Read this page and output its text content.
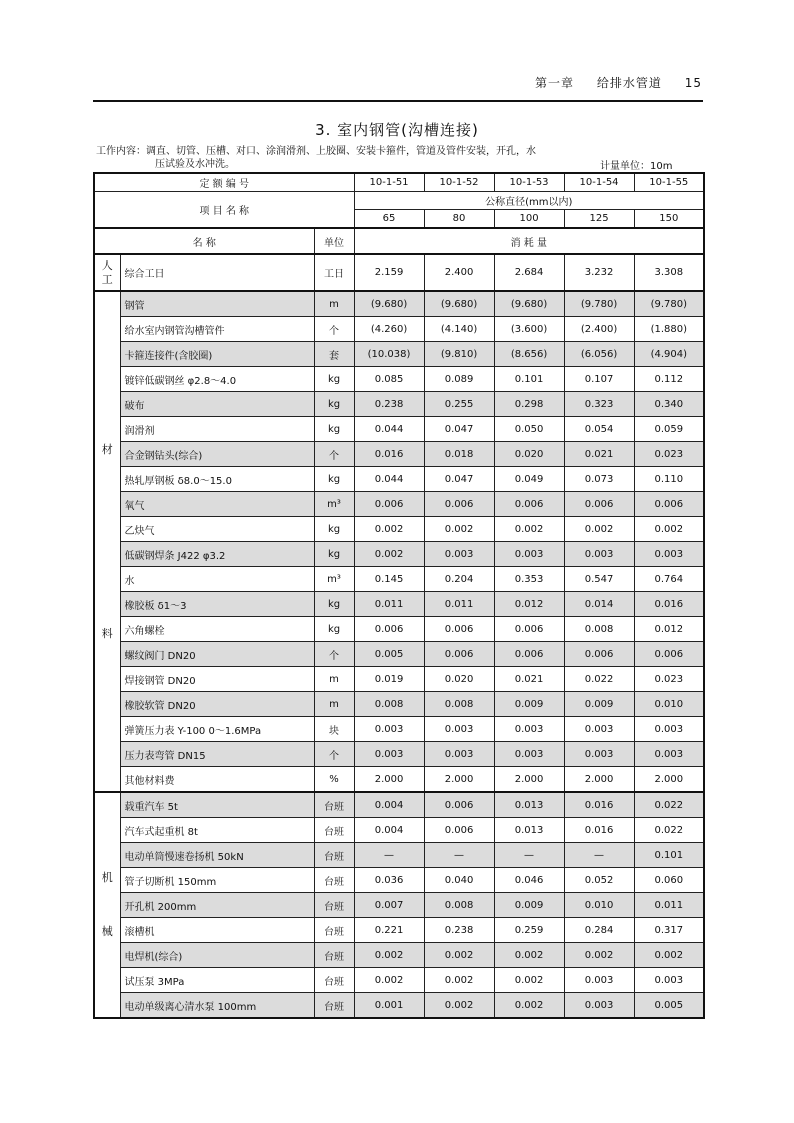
第一章 给排水管道 15
3. 室内钢管(沟槽连接)
工作内容：调直、切管、压槽、对口、涂润滑剂、上胶圈、安装卡箍件，管道及管件安装，开孔，水
压试验及水冲洗。	计量单位：10m
定 额 编 号			10-1-51	10-1-52	10-1-53	10-1-54	10-1-55
项 目 名 称			公称直径(mm以内)				
			65	80	100	125	150
名 称		单位	消 耗 量				

人
工	综合工日	工日	2.159	2.400	2.684	3.232	3.308

材
料	钢管	m	(9.680)	(9.680)	(9.680)	(9.780)	(9.780)
	给水室内钢管沟槽管件	个	(4.260)	(4.140)	(3.600)	(2.400)	(1.880)
	卡箍连接件(含胶圈)	套	(10.038)	(9.810)	(8.656)	(6.056)	(4.904)
	镀锌低碳钢丝 φ2.8～4.0	kg	0.085	0.089	0.101	0.107	0.112
	破布	kg	0.238	0.255	0.298	0.323	0.340
	润滑剂	kg	0.044	0.047	0.050	0.054	0.059
	合金钢钻头(综合)	个	0.016	0.018	0.020	0.021	0.023
	热轧厚钢板 δ8.0～15.0	kg	0.044	0.047	0.049	0.073	0.110
	氧气	m³	0.006	0.006	0.006	0.006	0.006
	乙炔气	kg	0.002	0.002	0.002	0.002	0.002
	低碳钢焊条 J422 φ3.2	kg	0.002	0.003	0.003	0.003	0.003
	水	m³	0.145	0.204	0.353	0.547	0.764
	橡胶板 δ1～3	kg	0.011	0.011	0.012	0.014	0.016
	六角螺栓	kg	0.006	0.006	0.006	0.008	0.012
	螺纹阀门 DN20	个	0.005	0.006	0.006	0.006	0.006
	焊接钢管 DN20	m	0.019	0.020	0.021	0.022	0.023
	橡胶软管 DN20	m	0.008	0.008	0.009	0.009	0.010
	弹簧压力表 Y-100 0～1.6MPa	块	0.003	0.003	0.003	0.003	0.003
	压力表弯管 DN15	个	0.003	0.003	0.003	0.003	0.003
	其他材料费	%	2.000	2.000	2.000	2.000	2.000

机
械	载重汽车 5t	台班	0.004	0.006	0.013	0.016	0.022
	汽车式起重机 8t	台班	0.004	0.006	0.013	0.016	0.022
	电动单筒慢速卷扬机 50kN	台班	—	—	—	—	0.101
	管子切断机 150mm	台班	0.036	0.040	0.046	0.052	0.060
	开孔机 200mm	台班	0.007	0.008	0.009	0.010	0.011
	滚槽机	台班	0.221	0.238	0.259	0.284	0.317
	电焊机(综合)	台班	0.002	0.002	0.002	0.002	0.002
	试压泵 3MPa	台班	0.002	0.002	0.002	0.003	0.003
	电动单级离心清水泵 100mm	台班	0.001	0.002	0.002	0.003	0.005
